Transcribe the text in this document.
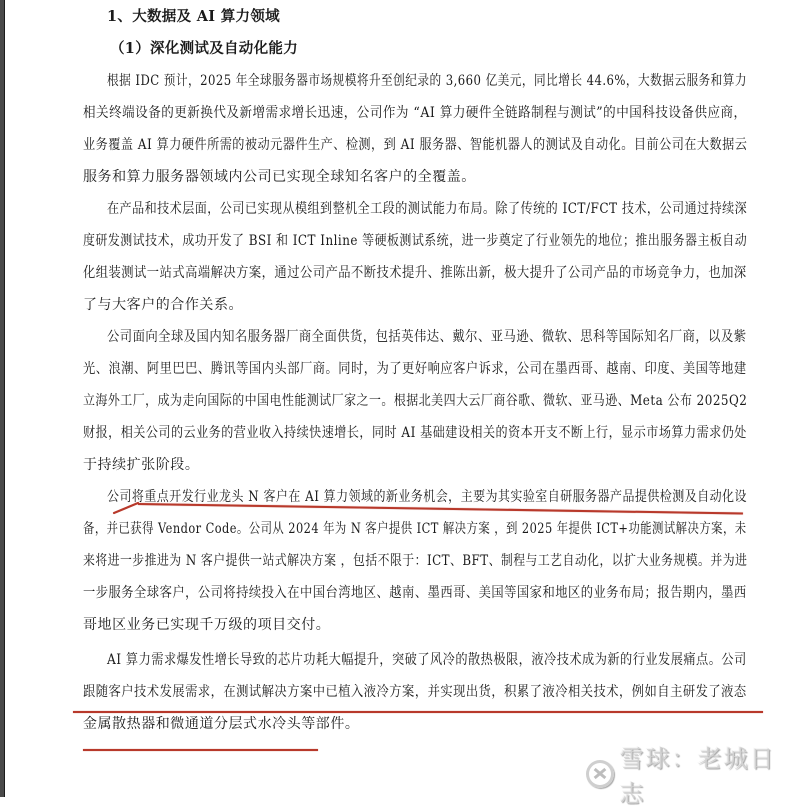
1、大数据及 AI 算力领域
（1）深化测试及自动化能力
根据 IDC 预计，2025 年全球服务器市场规模将升至创纪录的 3,660 亿美元，同比增长 44.6%，大数据云服务和算力
相关终端设备的更新换代及新增需求增长迅速，公司作为 “AI 算力硬件全链路制程与测试”的中国科技设备供应商，
业务覆盖 AI 算力硬件所需的被动元器件生产、检测，到 AI 服务器、智能机器人的测试及自动化。目前公司在大数据云
服务和算力服务器领域内公司已实现全球知名客户的全覆盖。
在产品和技术层面，公司已实现从模组到整机全工段的测试能力布局。除了传统的 ICT/FCT 技术，公司通过持续深
度研发测试技术，成功开发了 BSI 和 ICT Inline 等硬板测试系统，进一步奠定了行业领先的地位；推出服务器主板自动
化组装测试一站式高端解决方案，通过公司产品不断技术提升、推陈出新，极大提升了公司产品的市场竞争力，也加深
了与大客户的合作关系。
公司面向全球及国内知名服务器厂商全面供货，包括英伟达、戴尔、亚马逊、微软、思科等国际知名厂商，以及紫
光、浪潮、阿里巴巴、腾讯等国内头部厂商。同时，为了更好响应客户诉求，公司在墨西哥、越南、印度、美国等地建
立海外工厂，成为走向国际的中国电性能测试厂家之一。根据北美四大云厂商谷歌、微软、亚马逊、Meta 公布 2025Q2
财报，相关公司的云业务的营业收入持续快速增长，同时 AI 基础建设相关的资本开支不断上行，显示市场算力需求仍处
于持续扩张阶段。
公司将重点开发行业龙头 N 客户在 AI 算力领域的新业务机会，主要为其实验室自研服务器产品提供检测及自动化设
备，并已获得 Vendor Code。公司从 2024 年为 N 客户提供 ICT 解决方案 ，到 2025 年提供 ICT+功能测试解决方案，未
来将进一步推进为 N 客户提供一站式解决方案 ，包括不限于：ICT、BFT、制程与工艺自动化，以扩大业务规模。并为进
一步服务全球客户，公司将持续投入在中国台湾地区、越南、墨西哥、美国等国家和地区的业务布局；报告期内，墨西
哥地区业务已实现千万级的项目交付。
AI 算力需求爆发性增长导致的芯片功耗大幅提升，突破了风冷的散热极限，液冷技术成为新的行业发展痛点。公司
跟随客户技术发展需求，在测试解决方案中已植入液冷方案，并实现出货，积累了液冷相关技术，例如自主研发了液态
金属散热器和微通道分层式水冷头等部件。
雪球：老城日志
